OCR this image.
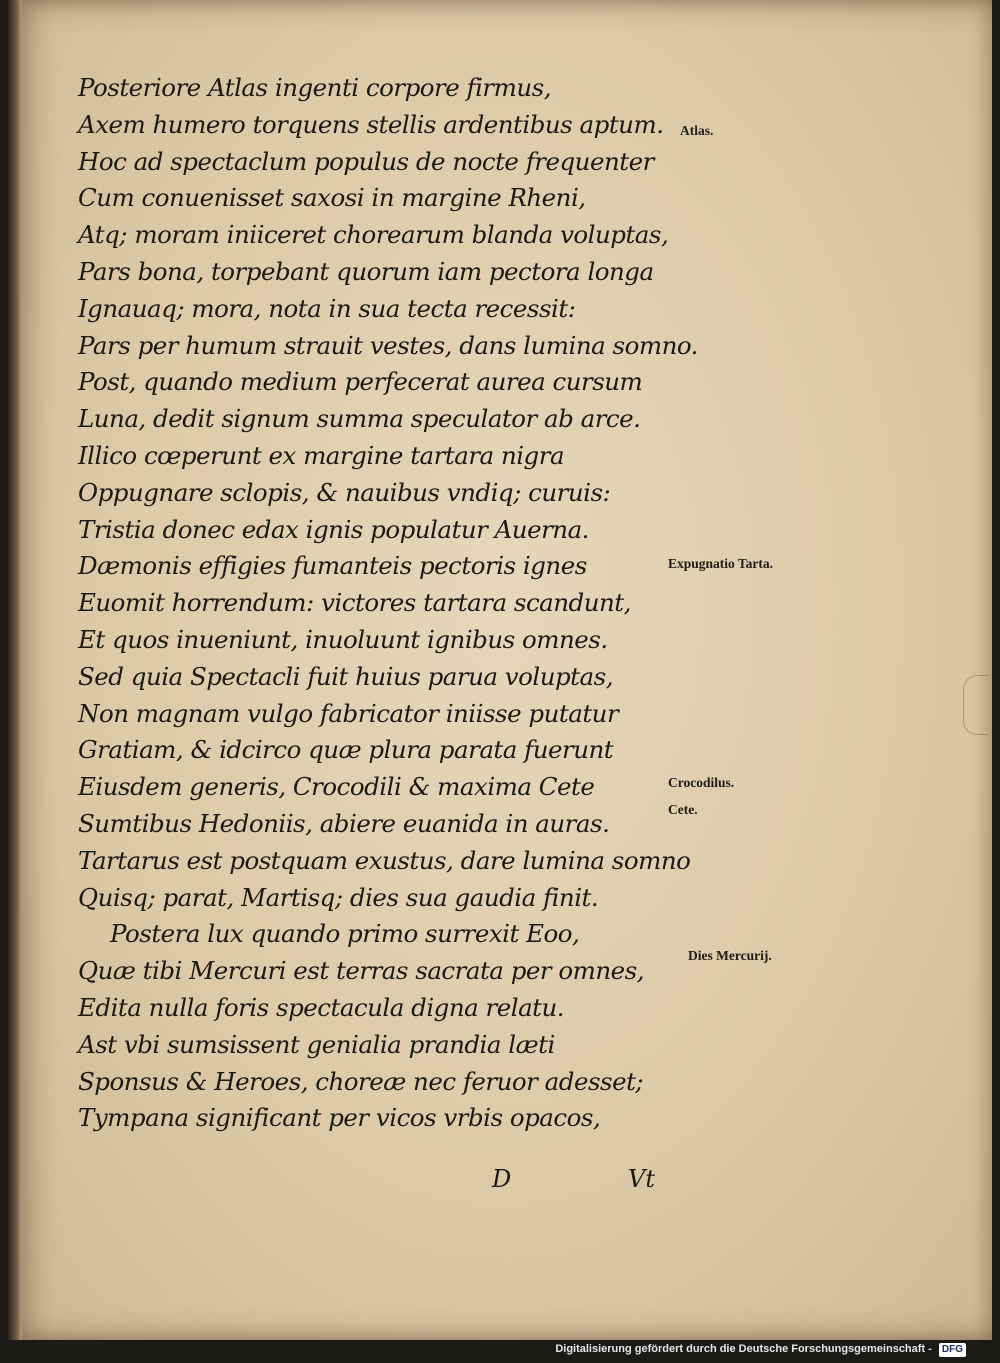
Posteriore Atlas ingenti corpore firmus,
Axem humero torquens stellis ardentibus aptum.
Hoc ad spectaclum populus de nocte frequenter
Cum conuenisset saxosi in margine Rheni,
Atq; moram iniiceret chorearum blanda voluptas,
Pars bona, torpebant quorum iam pectora longa
Ignauaq; mora, nota in sua tecta recessit:
Pars per humum strauit vestes, dans lumina somno.
Post, quando medium perfecerat aurea cursum
Luna, dedit signum summa speculator ab arce.
Illico cœperunt ex margine tartara nigra
Oppugnare sclopis, & nauibus vndiq; curuis:
Tristia donec edax ignis populatur Auerna.
Dæmonis effigies fumanteis pectoris ignes
Euomit horrendum: victores tartara scandunt,
Et quos inueniunt, inuoluunt ignibus omnes.
Sed quia Spectacli fuit huius parua voluptas,
Non magnam vulgo fabricator iniisse putatur
Gratiam, & idcirco quæ plura parata fuerunt
Eiusdem generis, Crocodili & maxima Cete
Sumtibus Hedoniis, abiere euanida in auras.
Tartarus est postquam exustus, dare lumina somno
Quisq; parat, Martisq; dies sua gaudia finit.
Postera lux quando primo surrexit Eoo,
Quæ tibi Mercuri est terras sacrata per omnes,
Edita nulla foris spectacula digna relatu.
Ast vbi sumsissent genialia prandia læti
Sponsus & Heroes, choreæ nec feruor adesset;
Tympana significant per vicos vrbis opacos,
Atlas.
Expugnatio Tarta.
Crocodilus.
Cete.
Dies Mercurij.
D	Vt
Digitalisierung gefördert durch die Deutsche Forschungsgemeinschaft - DFG
